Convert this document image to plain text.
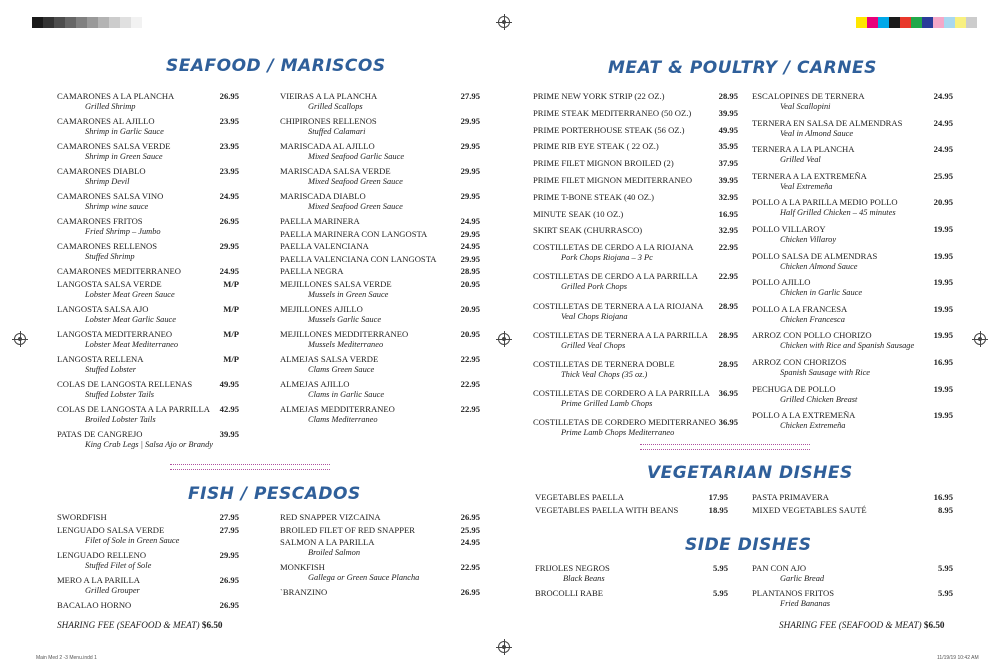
SEAFOOD / MARISCOS
CAMARONES A LA PLANCHA	26.95
Grilled Shrimp
CAMARONES AL AJILLO	23.95
Shrimp in Garlic Sauce
CAMARONES SALSA VERDE	23.95
Shrimp in Green Sauce
CAMARONES DIABLO	23.95
Shrimp Devil
CAMARONES SALSA VINO	24.95
Shrimp wine sauce
CAMARONES FRITOS	26.95
Fried Shrimp – Jumbo
CAMARONES RELLENOS	29.95
Stuffed Shrimp
CAMARONES MEDITERRANEO	24.95
LANGOSTA SALSA VERDE	M/P
Lobster Meat Green Sauce
LANGOSTA SALSA AJO	M/P
Lobster Meat Garlic Sauce
LANGOSTA MEDITERRANEO	M/P
Lobster Meat Mediterraneo
LANGOSTA RELLENA	M/P
Stuffed Lobster
COLAS DE LANGOSTA RELLENAS	49.95
Stuffed Lobster Tails
COLAS DE LANGOSTA A LA PARRILLA	42.95
Broiled Lobster Tails
PATAS DE CANGREJO	39.95
King Crab Legs | Salsa Ajo or Brandy
VIEIRAS A LA PLANCHA	27.95
Grilled Scallops
CHIPIRONES RELLENOS	29.95
Stuffed Calamari
MARISCADA AL AJILLO	29.95
Mixed Seafood Garlic Sauce
MARISCADA SALSA VERDE	29.95
Mixed Seafood Green Sauce
MARISCADA DIABLO	29.95
Mixed Seafood Green Sauce
PAELLA MARINERA	24.95
PAELLA MARINERA CON LANGOSTA	29.95
PAELLA VALENCIANA	24.95
PAELLA VALENCIANA CON LANGOSTA	29.95
PAELLA NEGRA	28.95
MEJILLONES SALSA VERDE	20.95
Mussels in Green Sauce
MEJILLONES AJILLO	20.95
Mussels Garlic Sauce
MEJILLONES MEDDITERRANEO	20.95
Mussels Mediterraneo
ALMEJAS SALSA VERDE	22.95
Clams Green Sauce
ALMEJAS AJILLO	22.95
Clams in Garlic Sauce
ALMEJAS MEDDITERRANEO	22.95
Clams Mediterraneo
FISH / PESCADOS
SWORDFISH	27.95
LENGUADO SALSA VERDE	27.95
Filet of Sole in Green Sauce
LENGUADO RELLENO	29.95
Stuffed Filet of Sole
MERO A LA PARILLA	26.95
Grilled Grouper
BACALAO HORNO	26.95
RED SNAPPER VIZCAINA	26.95
BROILED FILET OF RED SNAPPER	25.95
SALMON A LA PARILLA	24.95
Broiled Salmon
MONKFISH	22.95
Gallega or Green Sauce Plancha
`BRANZINO	26.95
SHARING FEE (SEAFOOD & MEAT) $6.50
MEAT & POULTRY / CARNES
PRIME NEW YORK STRIP (22 OZ.)	28.95
PRIME STEAK MEDITERRANEO (50 OZ.)	39.95
PRIME PORTERHOUSE STEAK (56 OZ.)	49.95
PRIME RIB EYE STEAK ( 22 OZ.)	35.95
PRIME FILET MIGNON BROILED (2)	37.95
PRIME FILET MIGNON MEDITERRANEO	39.95
PRIME T-BONE STEAK (40 OZ.)	32.95
MINUTE SEAK (10 OZ.)	16.95
SKIRT SEAK (CHURRASCO)	32.95
COSTILLETAS DE CERDO A LA RIOJANA	22.95
Pork Chops Riojana – 3 Pc
COSTILLETAS DE CERDO A LA PARRILLA	22.95
Grilled Pork Chops
COSTILLETAS DE TERNERA A LA RIOJANA	28.95
Veal Chops Riojana
COSTILLETAS DE TERNERA A LA PARRILLA	28.95
Grilled Veal Chops
COSTILLETAS DE TERNERA DOBLE	28.95
Thick Veal Chops (35 oz.)
COSTILLETAS DE CORDERO A LA PARRILLA	36.95
Prime Grilled Lamb Chops
COSTILLETAS DE CORDERO MEDITERRANEO 36.95
Prime Lamb Chops Mediterraneo
ESCALOPINES DE TERNERA	24.95
Veal Scallopini
TERNERA EN SALSA DE ALMENDRAS	24.95
Veal in Almond Sauce
TERNERA A LA PLANCHA	24.95
Grilled Veal
TERNERA A LA EXTREMEÑA	25.95
Veal Extremeña
POLLO A LA PARILLA MEDIO POLLO	20.95
Half Grilled Chicken – 45 minutes
POLLO VILLAROY	19.95
Chicken Villaroy
POLLO SALSA DE ALMENDRAS	19.95
Chicken Almond Sauce
POLLO AJILLO	19.95
Chicken in Garlic Sauce
POLLO A LA FRANCESA	19.95
Chicken Francesca
ARROZ CON POLLO CHORIZO	19.95
Chicken with Rice and Spanish Sausage
ARROZ CON CHORIZOS	16.95
Spanish Sausage with Rice
PECHUGA DE POLLO	19.95
Grilled Chicken Breast
POLLO A LA EXTREMEÑA	19.95
Chicken Extremeña
VEGETARIAN DISHES
VEGETABLES PAELLA	17.95
VEGETABLES PAELLA WITH BEANS	18.95
PASTA PRIMAVERA	16.95
MIXED VEGETABLES SAUTÉ	8.95
SIDE DISHES
FRIJOLES NEGROS	5.95
Black Beans
BROCOLLI RABE	5.95
PAN CON AJO	5.95
Garlic Bread
PLANTANOS FRITOS	5.95
Fried Bananas
SHARING FEE (SEAFOOD & MEAT) $6.50
Main Med 2 -3 Menu.indd 1	11/19/19 10:42 AM
